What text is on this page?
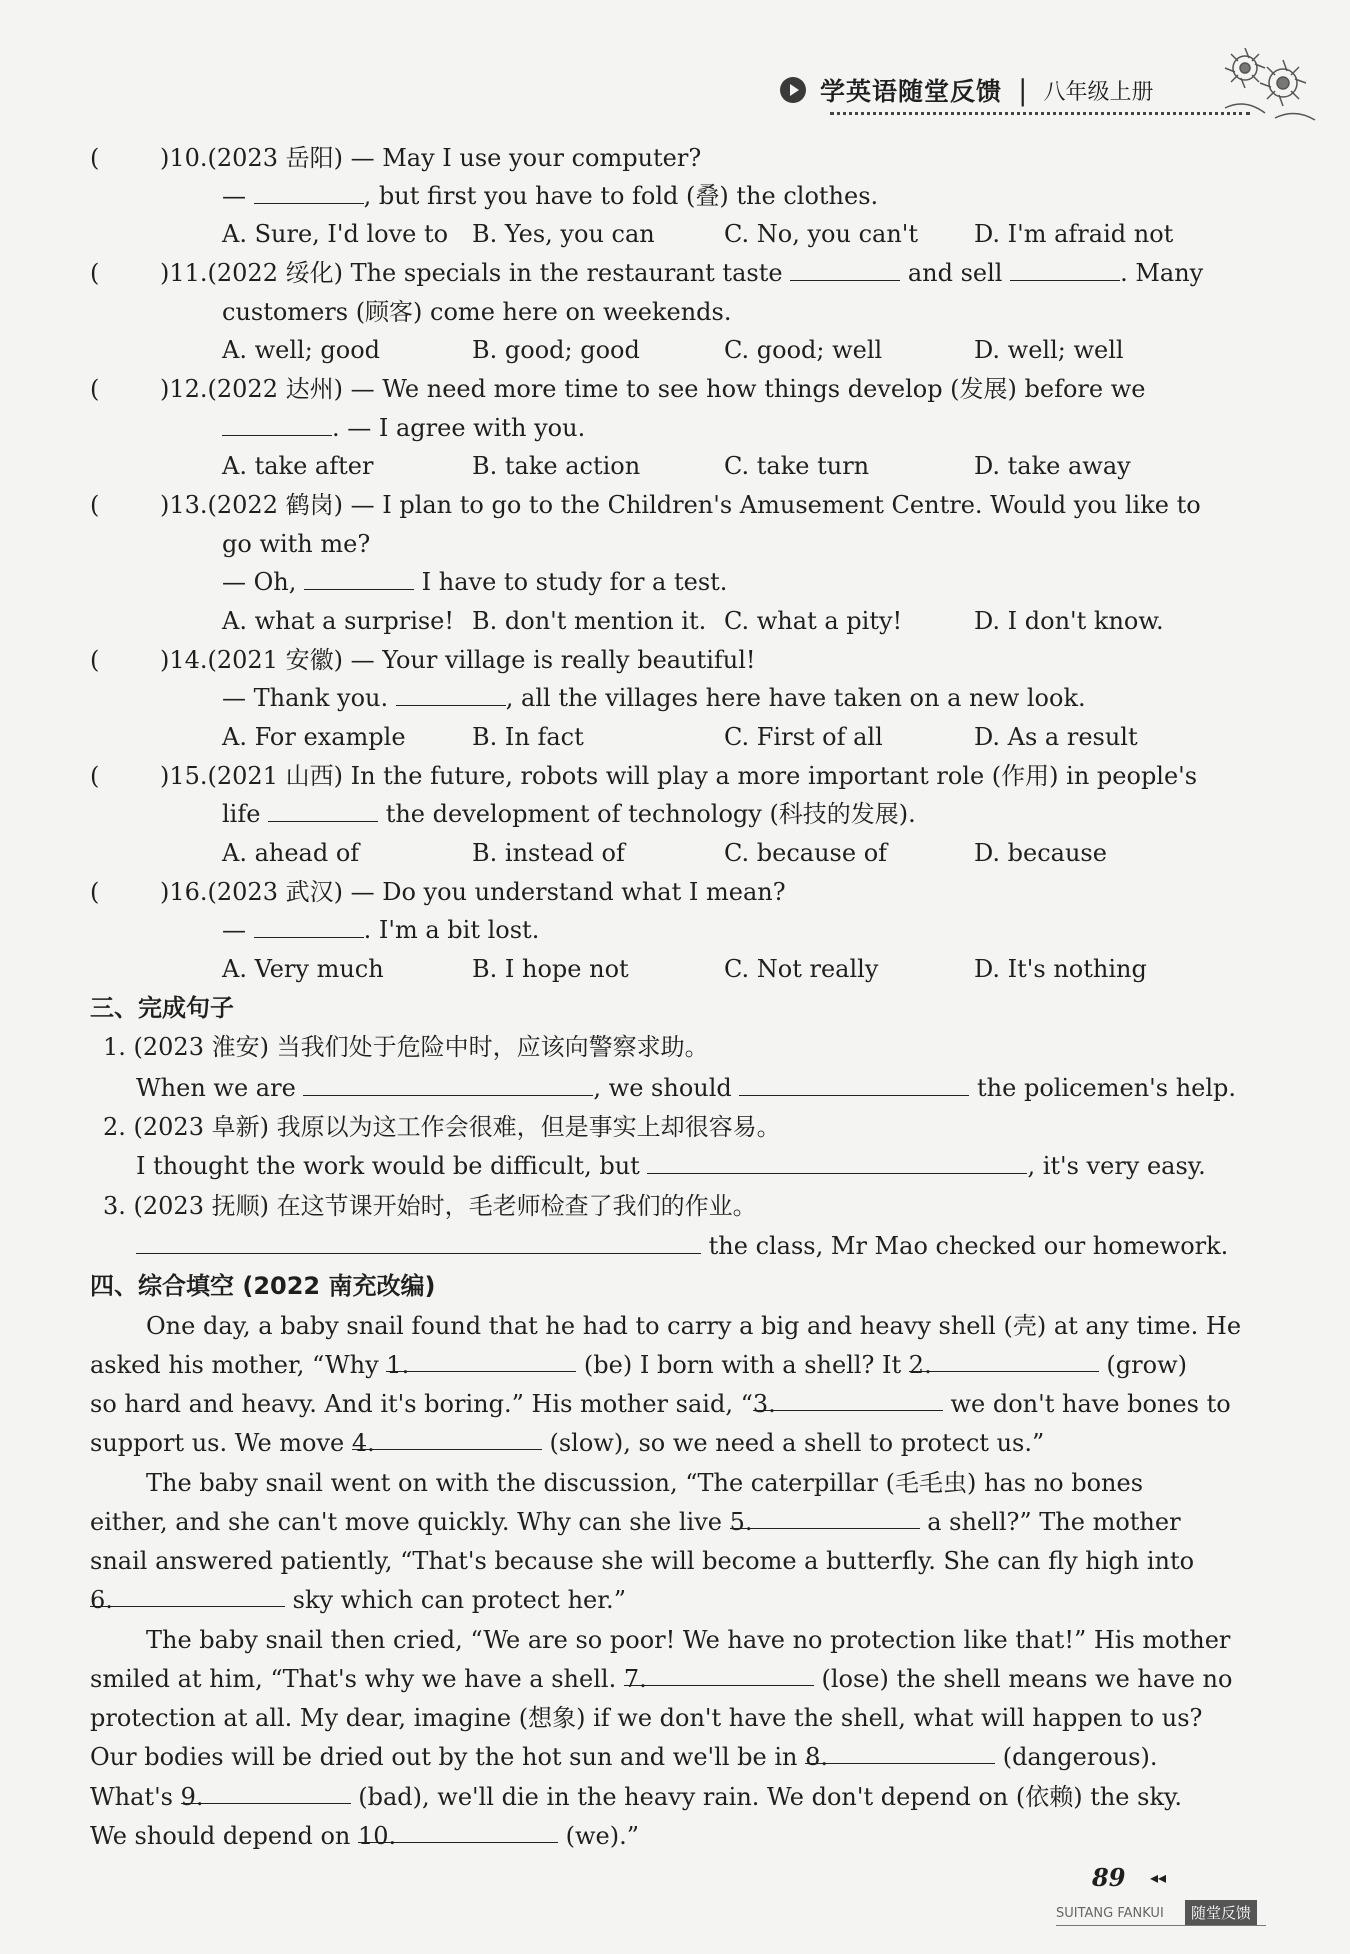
学英语随堂反馈 | 八年级上册
(	)10.(2023 岳阳) — May I use your computer?
—	, but first you have to fold (叠) the clothes.
A. Sure, I'd love to B. Yes, you can	C. No, you can't D. I'm afraid not
(	)11.(2022 绥化) The specials in the restaurant taste	and sell	. Many
customers (顾客) come here on weekends.
A. well; good	B. good; good	C. good; well	D. well; well
(	)12.(2022 达州) — We need more time to see how things develop (发展) before we
. — I agree with you.
A. take after	B. take action	C. take turn	D. take away
(	)13.(2022 鹤岗) — I plan to go to the Children's Amusement Centre. Would you like to
go with me?
— Oh,	I have to study for a test.
A. what a surprise! B. don't mention it. C. what a pity!	D. I don't know.
(	)14.(2021 安徽) — Your village is really beautiful!
— Thank you.	, all the villages here have taken on a new look.
A. For example	B. In fact	C. First of all	D. As a result
(	)15.(2021 山西) In the future, robots will play a more important role (作用) in people's
life	the development of technology (科技的发展).
A. ahead of	B. instead of	C. because of	D. because
(	)16.(2023 武汉) — Do you understand what I mean?
—	. I'm a bit lost.
A. Very much	B. I hope not	C. Not really	D. It's nothing
三、完成句子
1. (2023 淮安) 当我们处于危险中时，应该向警察求助。
When we are	, we should	the policemen's help.
2. (2023 阜新) 我原以为这工作会很难，但是事实上却很容易。
I thought the work would be difficult, but	, it's very easy.
3. (2023 抚顺) 在这节课开始时，毛老师检查了我们的作业。
the class, Mr Mao checked our homework.
四、综合填空 (2022 南充改编)
One day, a baby snail found that he had to carry a big and heavy shell (壳) at any time. He
asked his mother, “Why 1.	(be) I born with a shell? It 2.	(grow)
so hard and heavy. And it's boring.” His mother said, “3.	we don't have bones to
support us. We move 4.	(slow), so we need a shell to protect us.”
The baby snail went on with the discussion, “The caterpillar (毛毛虫) has no bones
either, and she can't move quickly. Why can she live 5.	a shell?” The mother
snail answered patiently, “That's because she will become a butterfly. She can fly high into
6.	sky which can protect her.”
The baby snail then cried, “We are so poor! We have no protection like that!” His mother
smiled at him, “That's why we have a shell. 7.	(lose) the shell means we have no
protection at all. My dear, imagine (想象) if we don't have the shell, what will happen to us?
Our bodies will be dried out by the hot sun and we'll be in 8.	(dangerous).
What's 9.	(bad), we'll die in the heavy rain. We don't depend on (依赖) the sky.
We should depend on 10.	(we).”
89 ◂◂
SUITANG FANKUI	随堂反馈
